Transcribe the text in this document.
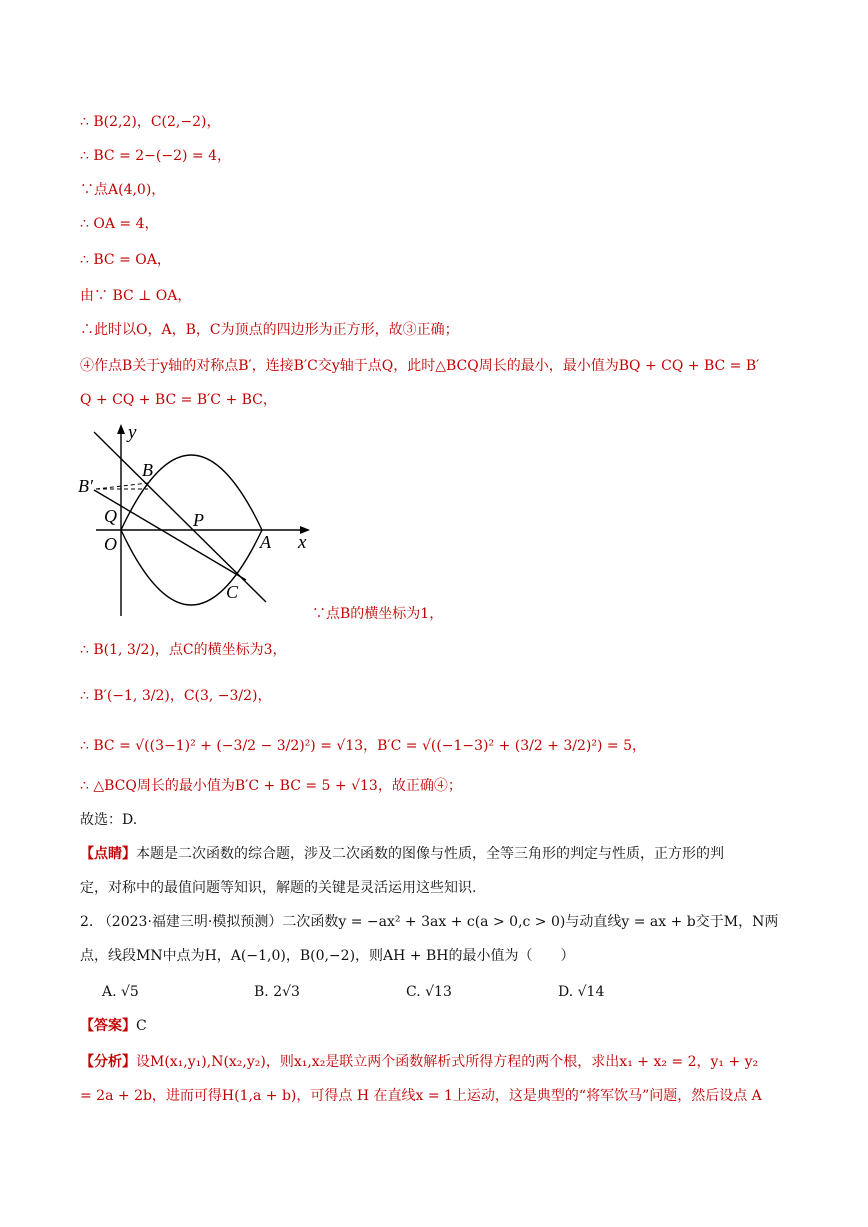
∴ B(2,2)，C(2,−2)，
∴ BC = 2−(−2) = 4，
∵点A(4,0)，
∴ OA = 4，
∴ BC = OA，
由∵ BC ⊥ OA，
∴此时以O，A，B，C为顶点的四边形为正方形，故③正确；
④作点B关于y轴的对称点B′，连接B′C交y轴于点Q，此时△BCQ周长的最小，最小值为BQ + CQ + BC = B′
Q + CQ + BC = B′C + BC，
y
x
B
B′
Q	P
O	A
C
∵点B的横坐标为1，
∴ B(1, 3/2)，点C的横坐标为3，
∴ B′(−1, 3/2)，C(3, −3/2)，
∴ BC = √((3−1)² + (−3/2 − 3/2)²) = √13，B′C = √((−1−3)² + (3/2 + 3/2)²) = 5，
∴ △BCQ周长的最小值为B′C + BC = 5 + √13，故正确④；
故选：D.
【点睛】本题是二次函数的综合题，涉及二次函数的图像与性质，全等三角形的判定与性质，正方形的判
定，对称中的最值问题等知识，解题的关键是灵活运用这些知识.
2. （2023·福建三明·模拟预测）二次函数y = −ax² + 3ax + c(a > 0,c > 0)与动直线y = ax + b交于M，N两
点，线段MN中点为H，A(−1,0)，B(0,−2)，则AH + BH的最小值为（　　）
A. √5	B. 2√3	C. √13	D. √14
【答案】C
【分析】设M(x₁,y₁),N(x₂,y₂)，则x₁,x₂是联立两个函数解析式所得方程的两个根，求出x₁ + x₂ = 2，y₁ + y₂
= 2a + 2b，进而可得H(1,a + b)，可得点 H 在直线x = 1上运动，这是典型的“将军饮马”问题，然后设点 A
